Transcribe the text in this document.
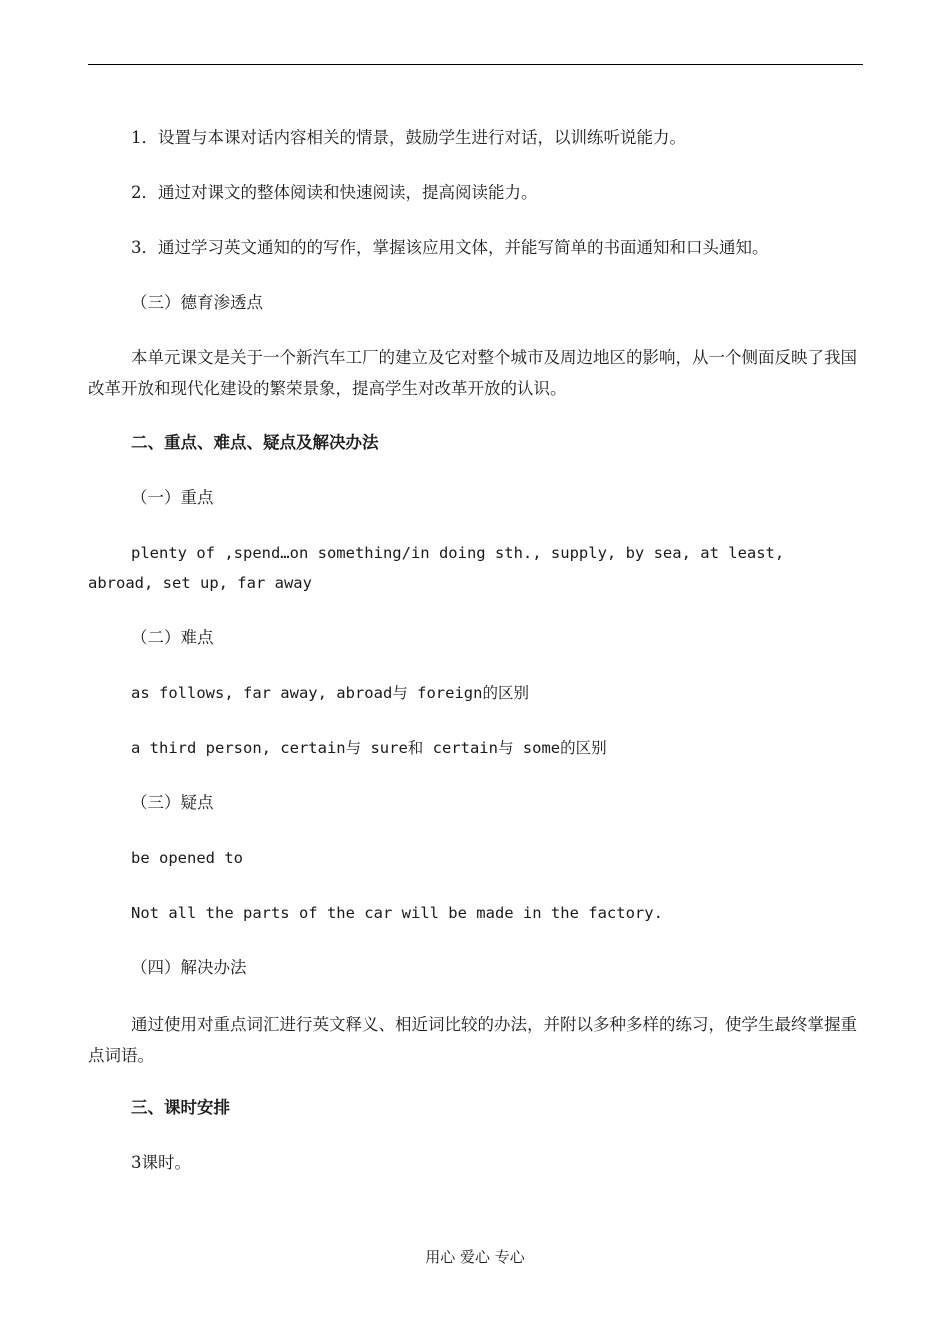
1．设置与本课对话内容相关的情景，鼓励学生进行对话，以训练听说能力。
2．通过对课文的整体阅读和快速阅读，提高阅读能力。
3．通过学习英文通知的的写作，掌握该应用文体，并能写简单的书面通知和口头通知。
（三）德育渗透点
本单元课文是关于一个新汽车工厂的建立及它对整个城市及周边地区的影响，从一个侧面反映了我国改革开放和现代化建设的繁荣景象，提高学生对改革开放的认识。
二、重点、难点、疑点及解决办法
（一）重点
plenty of ,spend…on something/in doing sth., supply, by sea, at least,
abroad, set up, far away
（二）难点
as follows, far away, abroad与 foreign的区别
a third person, certain与 sure和 certain与 some的区别
（三）疑点
be opened to
Not all the parts of the car will be made in the factory.
（四）解决办法
通过使用对重点词汇进行英文释义、相近词比较的办法，并附以多种多样的练习，使学生最终掌握重点词语。
三、课时安排
3课时。
用心 爱心 专心
